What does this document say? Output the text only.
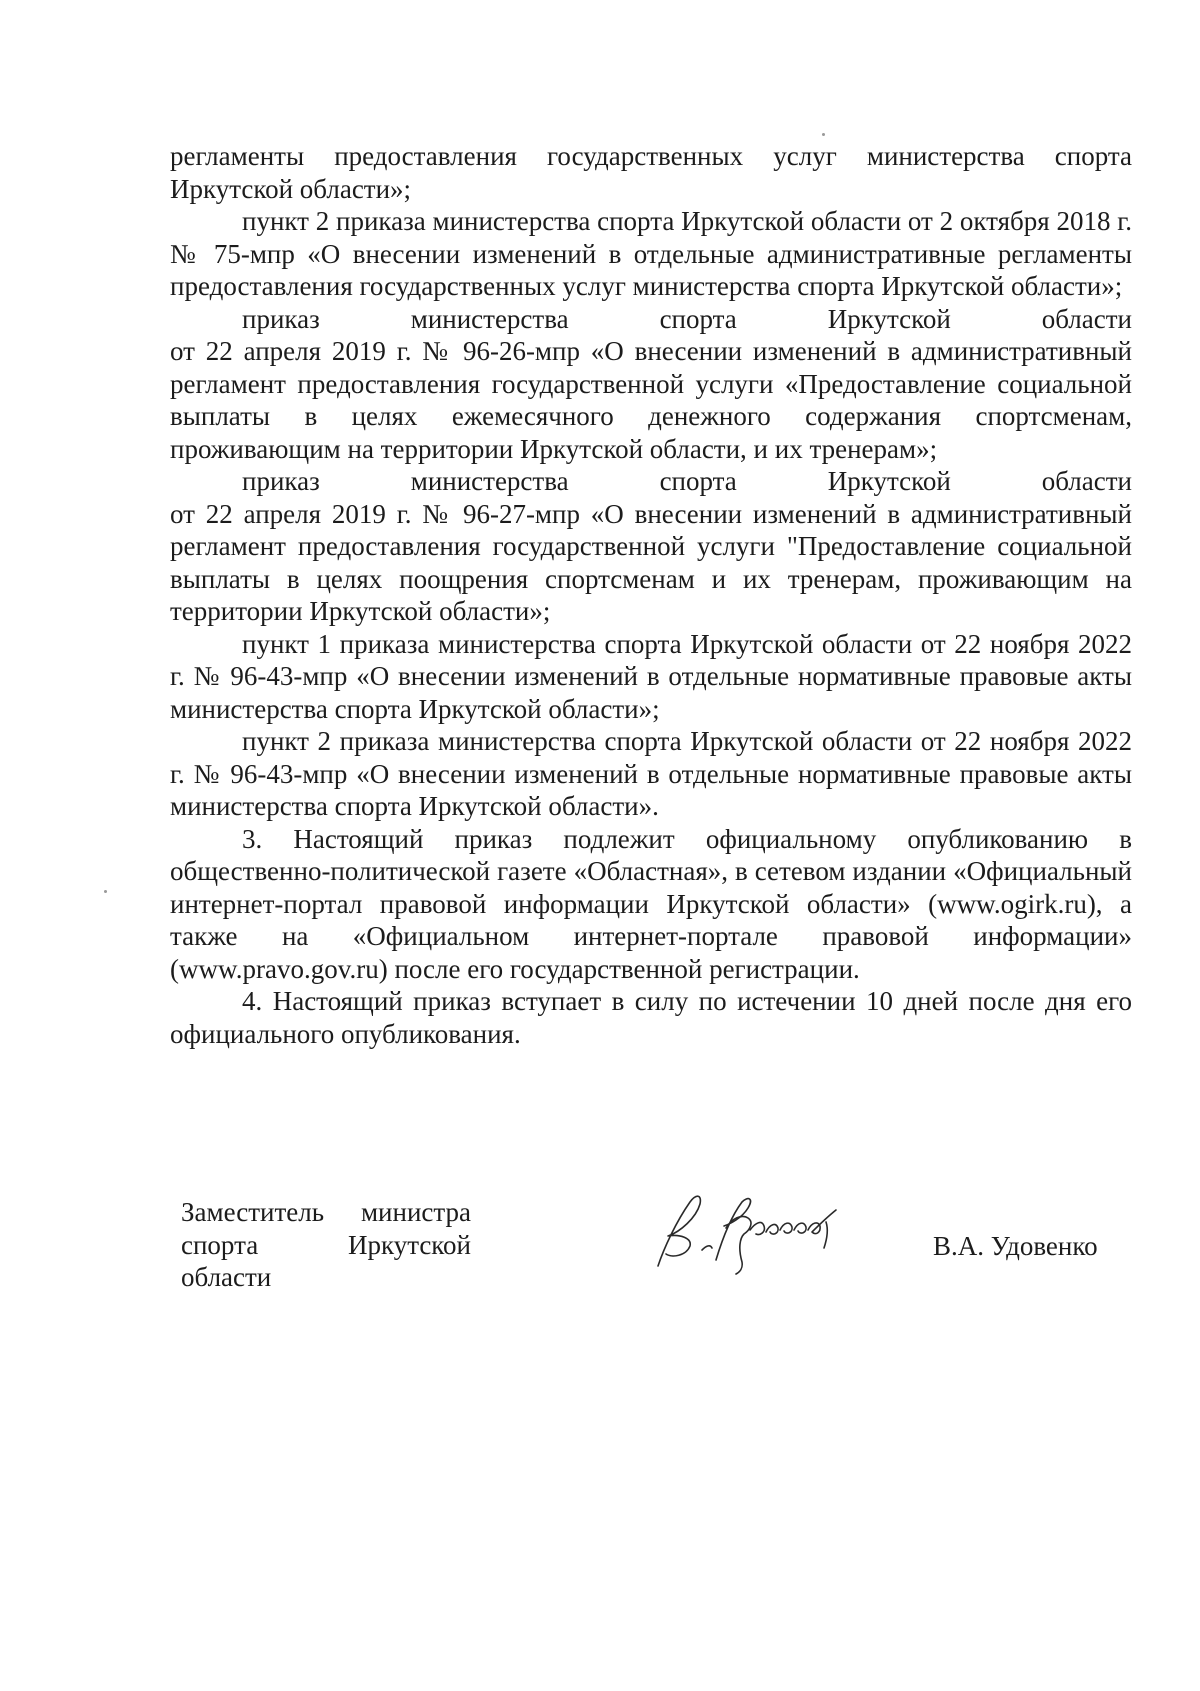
регламенты предоставления государственных услуг министерства спорта Иркутской области»;

пункт 2 приказа министерства спорта Иркутской области от 2 октября 2018 г. № 75-мпр «О внесении изменений в отдельные административные регламенты предоставления государственных услуг министерства спорта Иркутской области»;

приказ министерства спорта Иркутской области

от 22 апреля 2019 г. № 96-26-мпр «О внесении изменений в административный регламент предоставления государственной услуги «Предоставление социальной выплаты в целях ежемесячного денежного содержания спортсменам, проживающим на территории Иркутской области, и их тренерам»;

приказ министерства спорта Иркутской области

от 22 апреля 2019 г. № 96-27-мпр «О внесении изменений в административный регламент предоставления государственной услуги "Предоставление социальной выплаты в целях поощрения спортсменам и их тренерам, проживающим на территории Иркутской области»;

пункт 1 приказа министерства спорта Иркутской области от 22 ноября 2022 г. № 96-43-мпр «О внесении изменений в отдельные нормативные правовые акты министерства спорта Иркутской области»;

пункт 2 приказа министерства спорта Иркутской области от 22 ноября 2022 г. № 96-43-мпр «О внесении изменений в отдельные нормативные правовые акты министерства спорта Иркутской области».

3. Настоящий приказ подлежит официальному опубликованию в общественно-политической газете «Областная», в сетевом издании «Официальный интернет-портал правовой информации Иркутской области» (www.ogirk.ru), а также на «Официальном интернет-портале правовой информации» (www.pravo.gov.ru) после его государственной регистрации.

4. Настоящий приказ вступает в силу по истечении 10 дней после дня его официального опубликования.

Заместитель министра

спорта Иркутской

области

В.А. Удовенко
